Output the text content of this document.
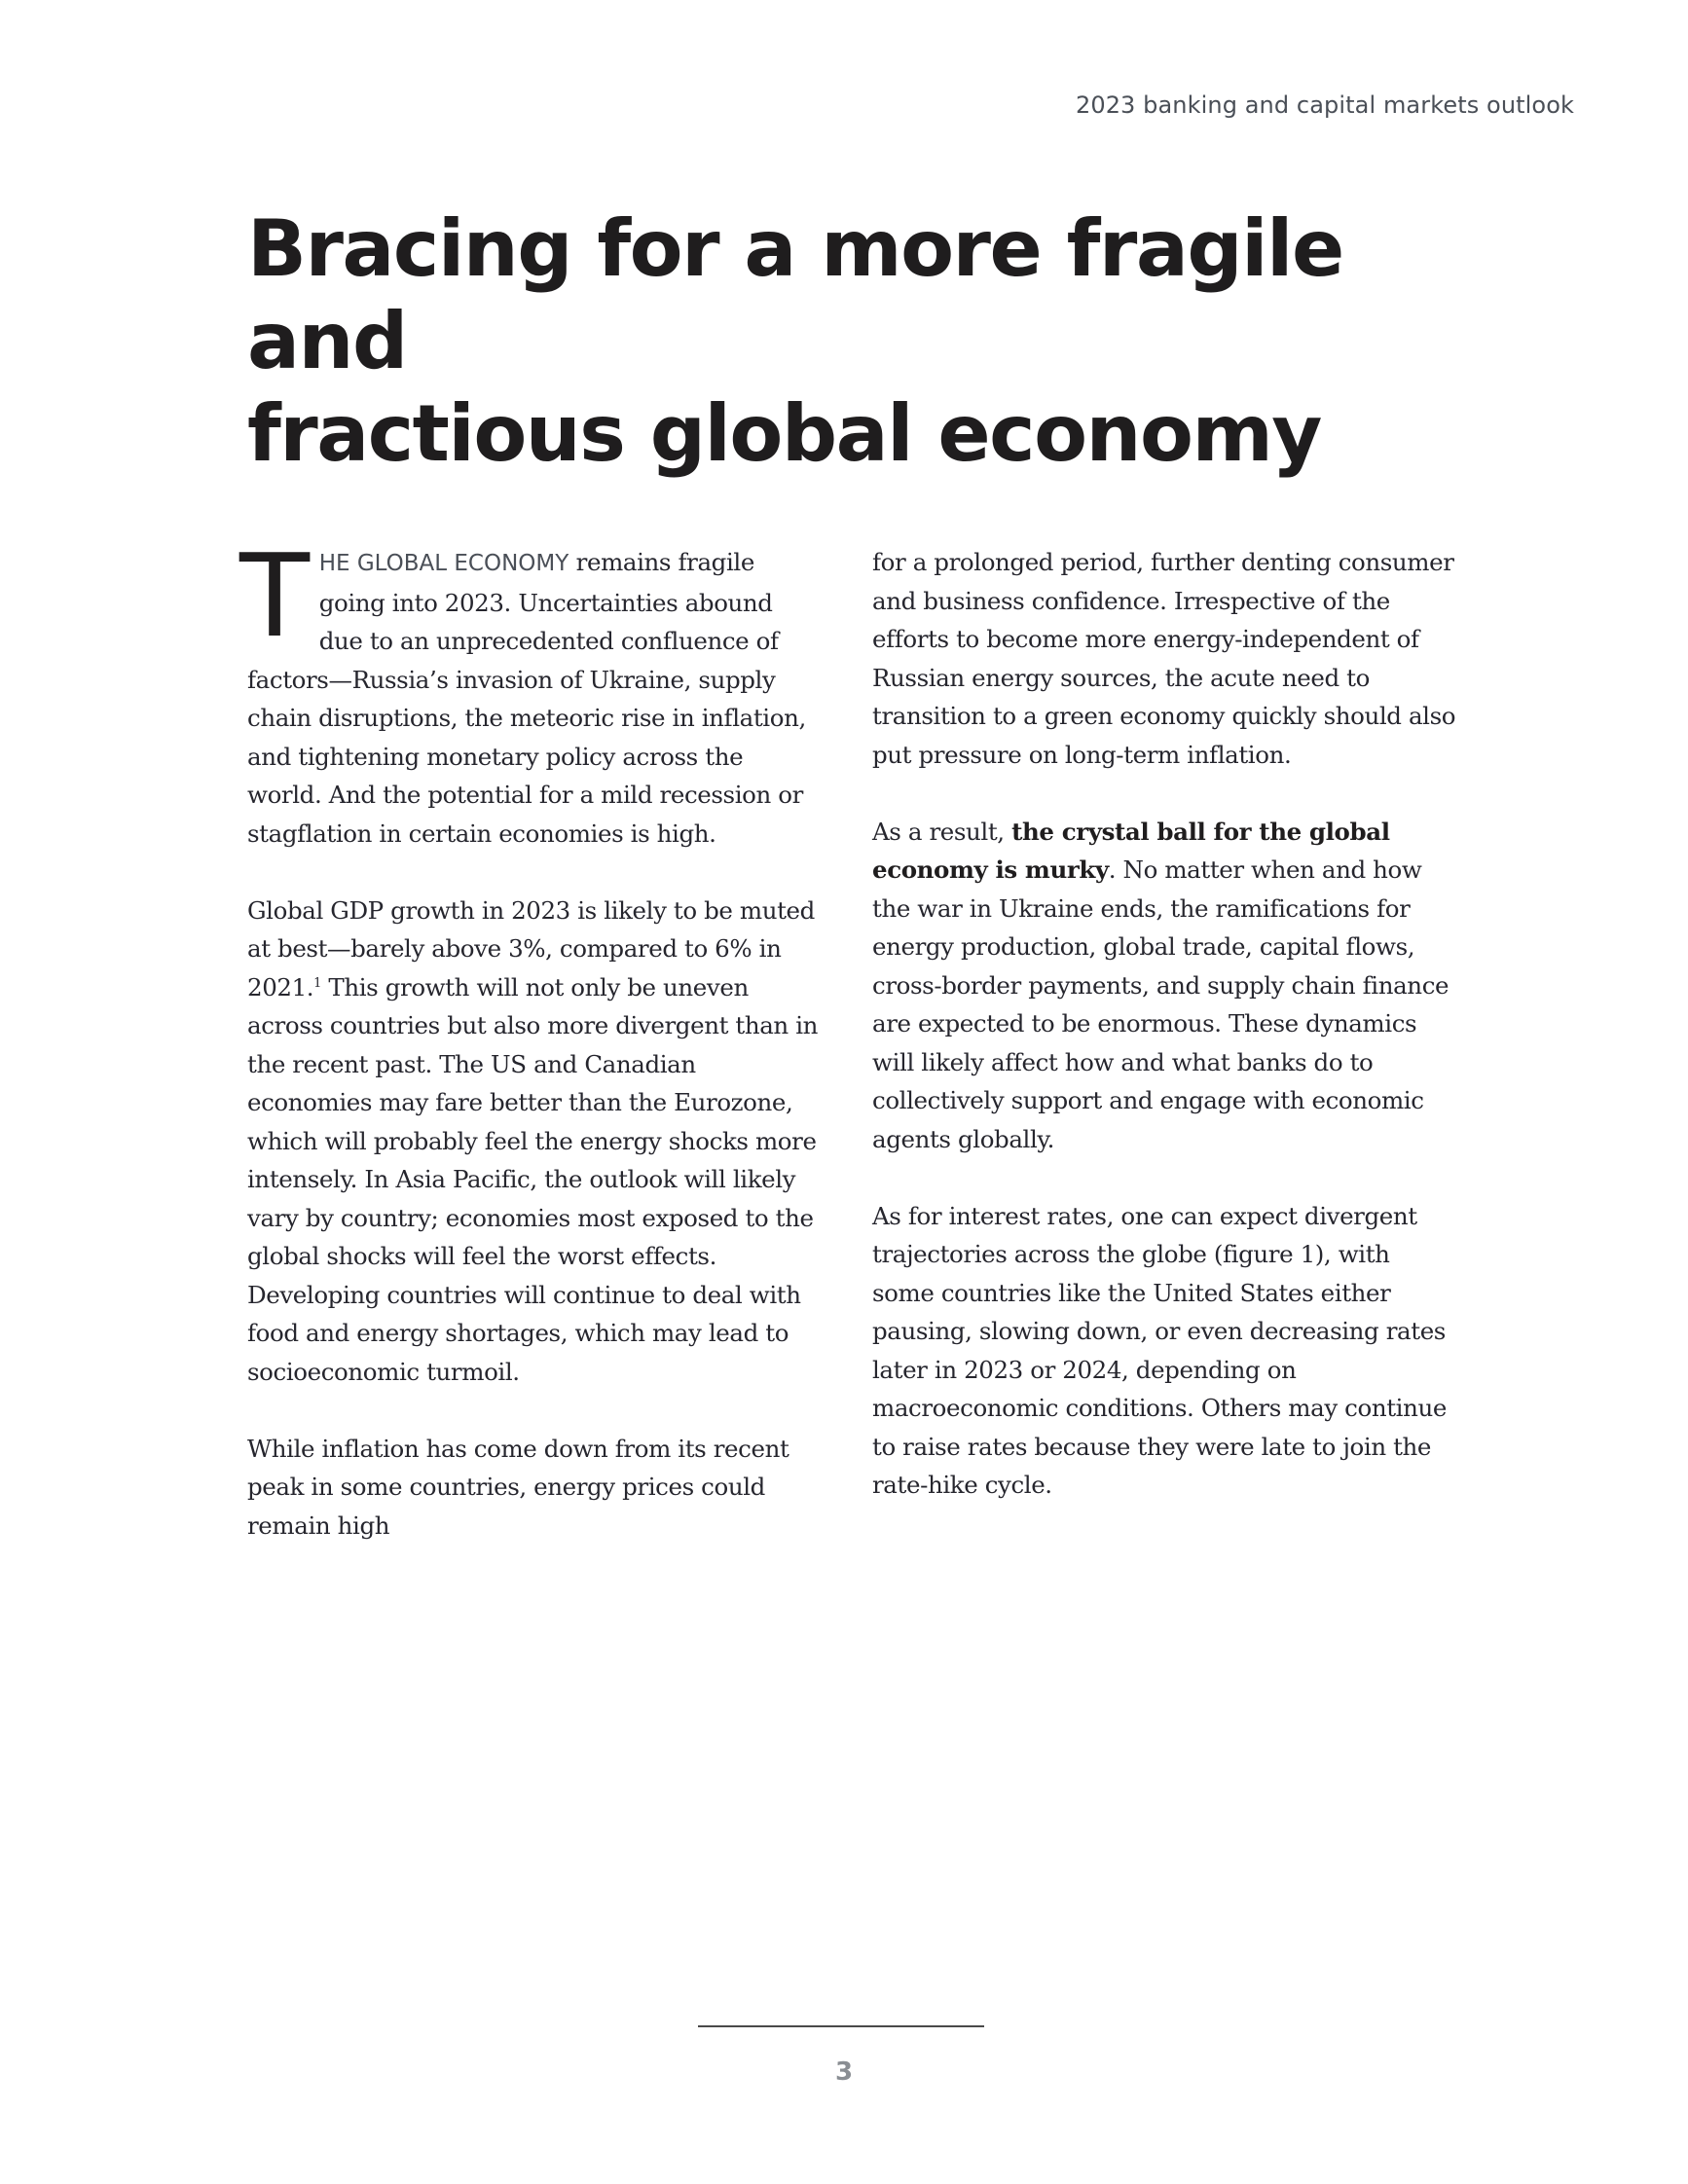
2023 banking and capital markets outlook
Bracing for a more fragile and
fractious global economy

THE GLOBAL ECONOMY remains fragile going into 2023. Uncertainties abound due to an unprecedented confluence of factors—Russia’s invasion of Ukraine, supply chain disruptions, the meteoric rise in inflation, and tightening monetary policy across the world. And the potential for a mild recession or stagflation in certain economies is high.

Global GDP growth in 2023 is likely to be muted at best—barely above 3%, compared to 6% in 2021.$^1$ This growth will not only be uneven across countries but also more divergent than in the recent past. The US and Canadian economies may fare better than the Eurozone, which will probably feel the energy shocks more intensely. In Asia Pacific, the outlook will likely vary by country; economies most exposed to the global shocks will feel the worst effects. Developing countries will continue to deal with food and energy shortages, which may lead to socioeconomic turmoil.

While inflation has come down from its recent peak in some countries, energy prices could remain high

for a prolonged period, further denting consumer and business confidence. Irrespective of the efforts to become more energy-independent of Russian energy sources, the acute need to transition to a green economy quickly should also put pressure on long-term inflation.

As a result, the crystal ball for the global economy is murky. No matter when and how the war in Ukraine ends, the ramifications for energy production, global trade, capital flows, cross-border payments, and supply chain finance are expected to be enormous. These dynamics will likely affect how and what banks do to collectively support and engage with economic agents globally.

As for interest rates, one can expect divergent trajectories across the globe (figure 1), with some countries like the United States either pausing, slowing down, or even decreasing rates later in 2023 or 2024, depending on macroeconomic conditions. Others may continue to raise rates because they were late to join the rate-hike cycle.

3
